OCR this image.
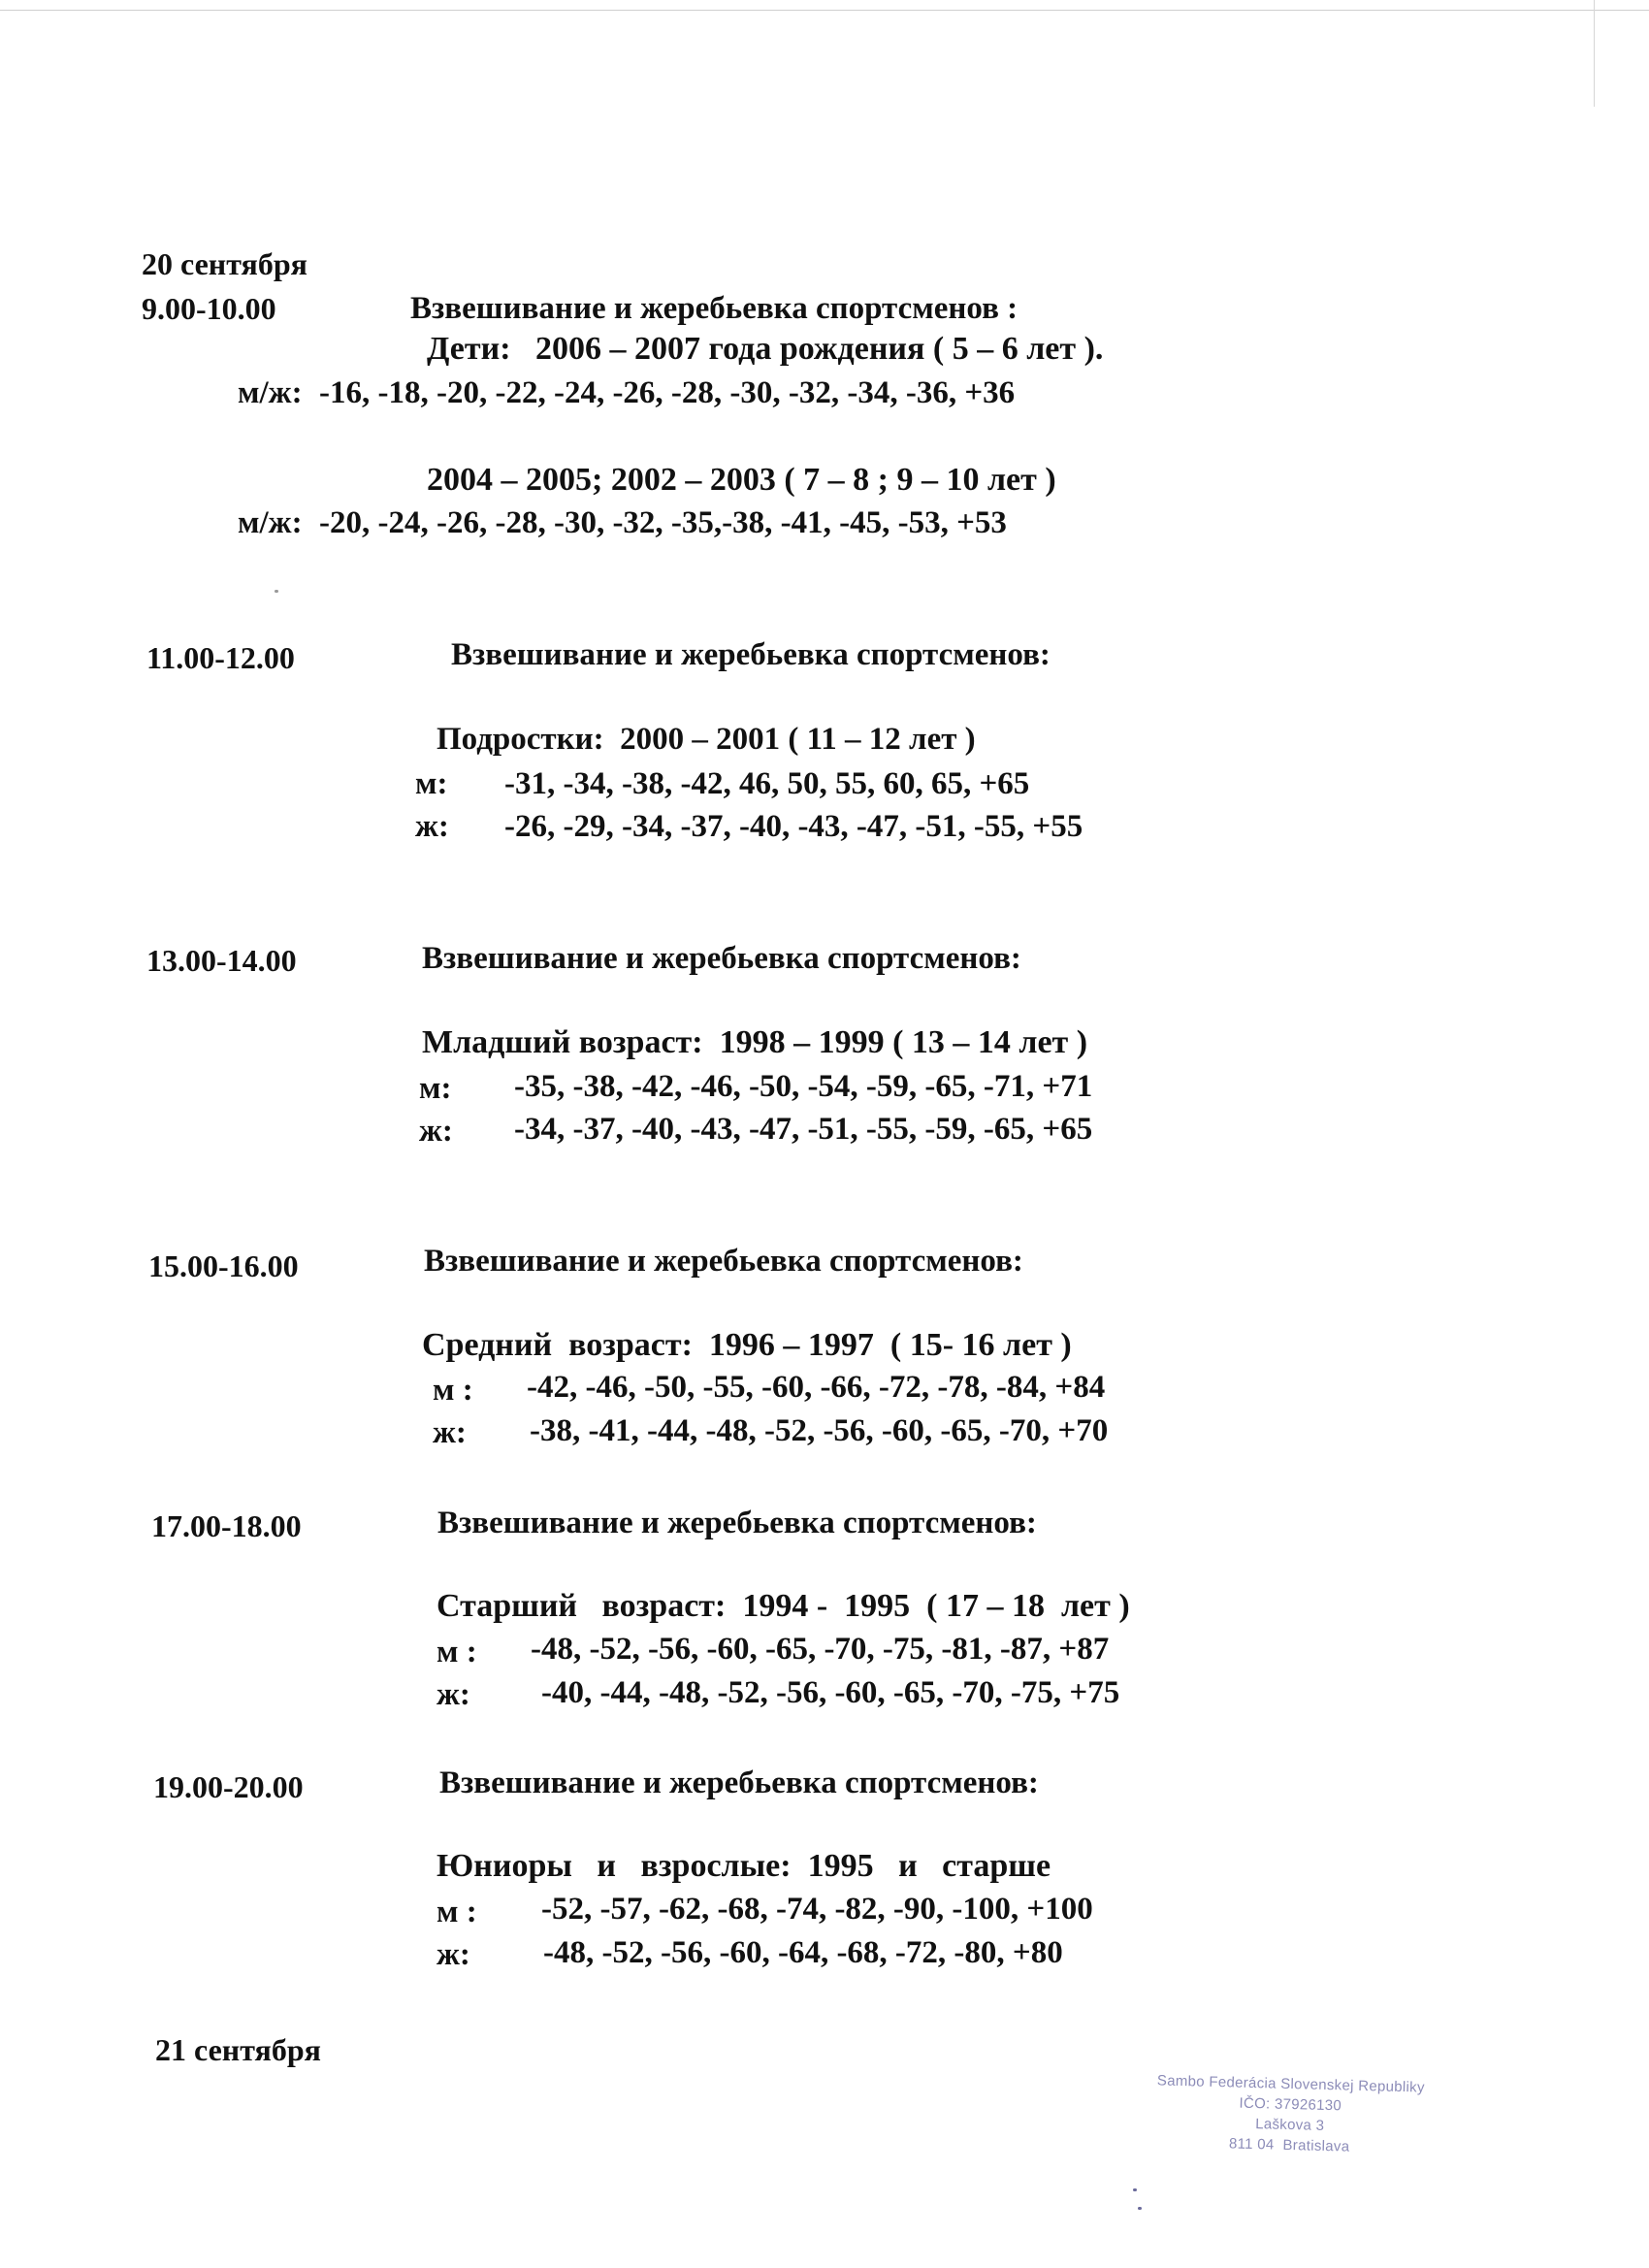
20 сентября
9.00-10.00	Взвешивание и жеребьевка спортсменов :
Дети:   2006 – 2007 года рождения ( 5 – 6 лет ).
м/ж: -16, -18, -20, -22, -24, -26, -28, -30, -32, -34, -36, +36
2004 – 2005; 2002 – 2003 ( 7 – 8 ; 9 – 10 лет )
м/ж: -20, -24, -26, -28, -30, -32, -35,-38, -41, -45, -53, +53
11.00-12.00	Взвешивание и жеребьевка спортсменов:
Подростки:  2000 – 2001 ( 11 – 12 лет )
м: -31, -34, -38, -42, 46, 50, 55, 60, 65, +65
ж: -26, -29, -34, -37, -40, -43, -47, -51, -55, +55
13.00-14.00	Взвешивание и жеребьевка спортсменов:
Младший возраст:  1998 – 1999 ( 13 – 14 лет )
м: -35, -38, -42, -46, -50, -54, -59, -65, -71, +71
ж: -34, -37, -40, -43, -47, -51, -55, -59, -65, +65
15.00-16.00	Взвешивание и жеребьевка спортсменов:
Средний  возраст:  1996 – 1997  ( 15- 16 лет )
м : -42, -46, -50, -55, -60, -66, -72, -78, -84, +84
ж: -38, -41, -44, -48, -52, -56, -60, -65, -70, +70
17.00-18.00	Взвешивание и жеребьевка спортсменов:
Старший   возраст:  1994 -  1995  ( 17 – 18  лет )
м : -48, -52, -56, -60, -65, -70, -75, -81, -87, +87
ж: -40, -44, -48, -52, -56, -60, -65, -70, -75, +75
19.00-20.00	Взвешивание и жеребьевка спортсменов:
Юниоры   и   взрослые:  1995   и   старше
м : -52, -57, -62, -68, -74, -82, -90, -100, +100
ж: -48, -52, -56, -60, -64, -68, -72, -80, +80
21 сентября
Sambo Federácia Slovenskej Republiky
IČO: 37926130
Laškova 3
811 04  Bratislava
